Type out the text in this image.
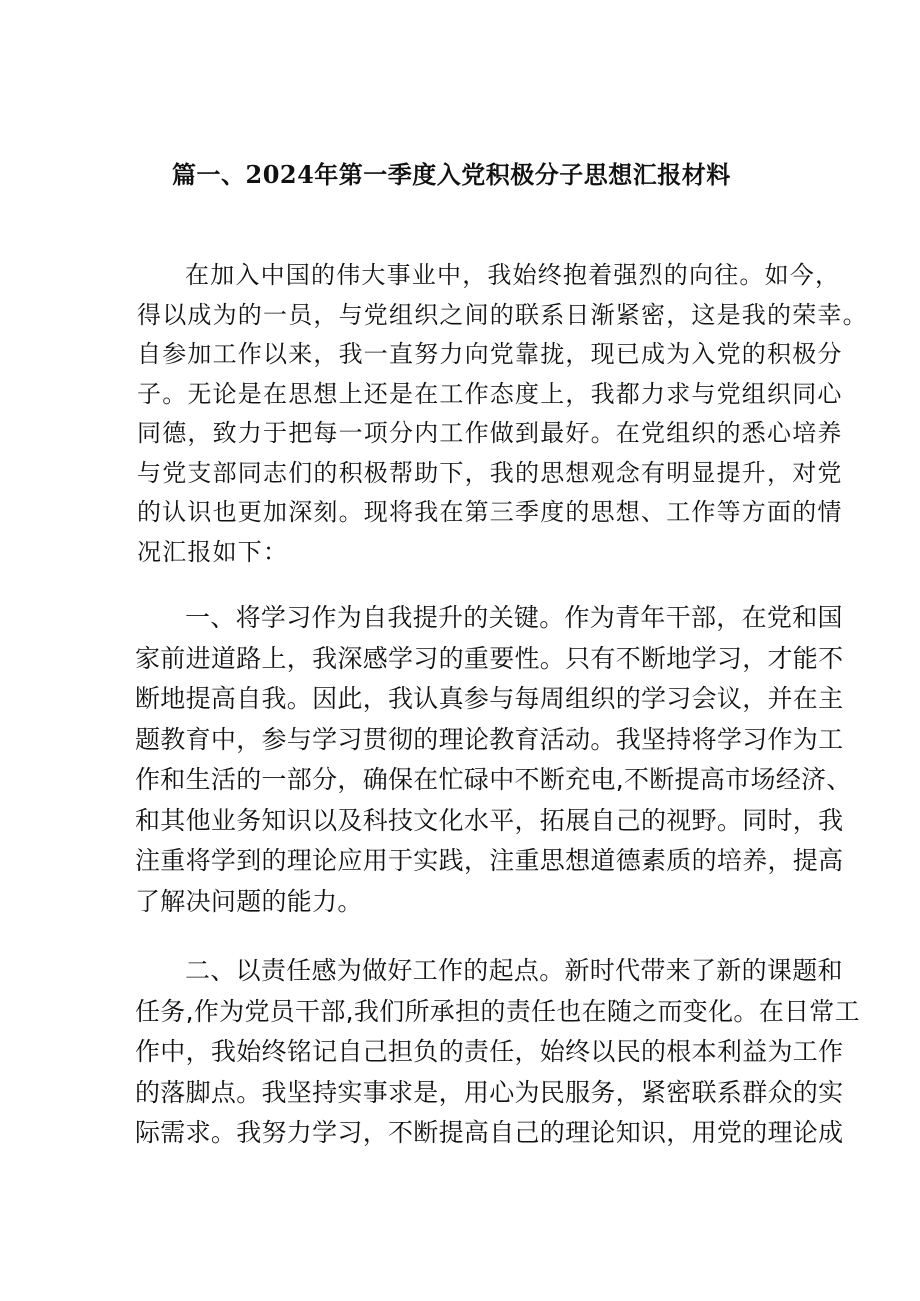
篇一、2024年第一季度入党积极分子思想汇报材料
在加入中国的伟大事业中，我始终抱着强烈的向往。如今，
得以成为的一员，与党组织之间的联系日渐紧密，这是我的荣幸。
自参加工作以来，我一直努力向党靠拢，现已成为入党的积极分
子。无论是在思想上还是在工作态度上，我都力求与党组织同心
同德，致力于把每一项分内工作做到最好。在党组织的悉心培养
与党支部同志们的积极帮助下，我的思想观念有明显提升，对党
的认识也更加深刻。现将我在第三季度的思想、工作等方面的情
况汇报如下：
一、将学习作为自我提升的关键。作为青年干部，在党和国
家前进道路上，我深感学习的重要性。只有不断地学习，才能不
断地提高自我。因此，我认真参与每周组织的学习会议，并在主
题教育中，参与学习贯彻的理论教育活动。我坚持将学习作为工
作和生活的一部分，确保在忙碌中不断充电,不断提高市场经济、
和其他业务知识以及科技文化水平，拓展自己的视野。同时，我
注重将学到的理论应用于实践，注重思想道德素质的培养，提高
了解决问题的能力。
二、以责任感为做好工作的起点。新时代带来了新的课题和
任务,作为党员干部,我们所承担的责任也在随之而变化。在日常工
作中，我始终铭记自己担负的责任，始终以民的根本利益为工作
的落脚点。我坚持实事求是，用心为民服务，紧密联系群众的实
际需求。我努力学习，不断提高自己的理论知识，用党的理论成
